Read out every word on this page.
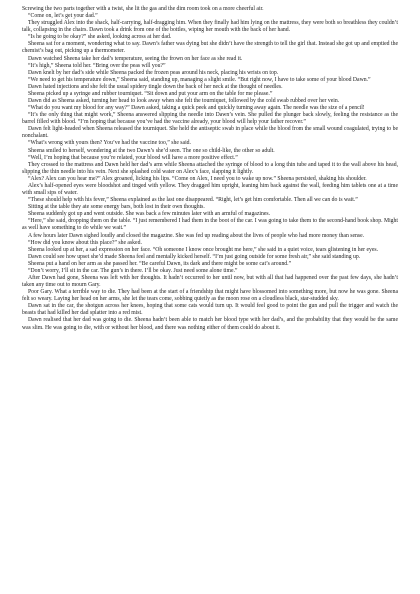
Screwing the two parts together with a twist, she lit the gas and the dim room took on a more cheerful air.

“Come on, let’s get your dad.”

They struggled Alex into the shack, half-carrying, half-dragging him. When they finally had him lying on the mattress, they were both so breathless they couldn’t talk, collapsing in the chairs. Dawn took a drink from one of the bottles, wiping her mouth with the back of her hand.

“Is he going to be okay?” she asked, looking across at her dad.

Sheena sat for a moment, wondering what to say. Dawn’s father was dying but she didn’t have the strength to tell the girl that. Instead she got up and emptied the chemist’s bag out, picking up a thermometer.

Dawn watched Sheena take her dad’s temperature, seeing the frown on her face as she read it.

“It’s high,” Sheena told her. “Bring over the peas will you?”

Dawn knelt by her dad’s side while Sheena packed the frozen peas around his neck, placing his wrists on top.

“We need to get his temperature down,” Sheena said, standing up, managing a slight smile. “But right now, I have to take some of your blood Dawn.”

Dawn hated injections and she felt the usual spidery tingle down the back of her neck at the thought of needles.

Sheena picked up a syringe and rubber tourniquet. “Sit down and put your arm on the table for me please.”

Dawn did as Sheena asked, turning her head to look away when she felt the tourniquet, followed by the cold swab rubbed over her vein.

“What do you want my blood for any way?” Dawn asked, taking a quick peek and quickly turning away again. The needle was the size of a pencil!

“It’s the only thing that might work,” Sheena answered slipping the needle into Dawn’s vein. She pulled the plunger back slowly, feeling the resistance as the barrel filled with blood. “I’m hoping that because you’ve had the vaccine already, your blood will help your father recover.”

Dawn felt light-headed when Sheena released the tourniquet. She held the antiseptic swab in place while the blood from the small wound coagulated, trying to be nonchalant.

“What’s wrong with yours then? You’ve had the vaccine too,” she said.

Sheena smiled to herself, wondering at the two Dawn’s she’d seen. The one so child-like, the other so adult.

“Well, I’m hoping that because you’re related, your blood will have a more positive effect.”

They crossed to the mattress and Dawn held her dad’s arm while Sheena attached the syringe of blood to a long thin tube and taped it to the wall above his head, slipping the thin needle into his vein. Next she splashed cold water on Alex’s face, slapping it lightly.

“Alex? Alex can you hear me?” Alex groaned, licking his lips. “Come on Alex, I need you to wake up now.” Sheena persisted, shaking his shoulder.

Alex’s half-opened eyes were bloodshot and tinged with yellow. They dragged him upright, leaning him back against the wall, feeding him tablets one at a time with small sips of water.

“These should help with his fever,” Sheena explained as the last one disappeared. “Right, let’s get him comfortable. Then all we can do is wait.”

Sitting at the table they ate some energy bars, both lost in their own thoughts.

Sheena suddenly got up and went outside. She was back a few minutes later with an armful of magazines.

“Here,” she said, dropping them on the table. “I just remembered I had them in the boot of the car. I was going to take them to the second-hand book shop. Might as well have something to do while we wait.”

A few hours later Dawn sighed loudly and closed the magazine. She was fed up reading about the lives of people who had more money than sense.

“How did you know about this place?” she asked.

Sheena looked up at her, a sad expression on her face. “Oh someone I know once brought me here,” she said in a quiet voice, tears glistening in her eyes.

Dawn could see how upset she’d made Sheena feel and mentally kicked herself. “I’m just going outside for some fresh air,” she said standing up.

Sheena put a hand on her arm as she passed her. “Be careful Dawn, its dark and there might be some cat’s around.”

“Don’t worry, I’ll sit in the car. The gun’s in there. I’ll be okay. Just need some alone time.”

After Dawn had gone, Sheena was left with her thoughts. It hadn’t occurred to her until now, but with all that had happened over the past few days, she hadn’t taken any time out to mourn Gary.

Poor Gary. What a terrible way to die. They had been at the start of a friendship that might have blossomed into something more, but now he was gone. Sheena felt so weary. Laying her head on her arms, she let the tears come, sobbing quietly as the moon rose on a cloudless black, star-studded sky.

Dawn sat in the car, the shotgun across her knees, hoping that some cats would turn up. It would feel good to point the gun and pull the trigger and watch the beasts that had killed her dad splatter into a red mist.

Dawn realised that her dad was going to die. Sheena hadn’t been able to match her blood type with her dad’s, and the probability that they would be the same was slim. He was going to die, with or without her blood, and there was nothing either of them could do about it.
